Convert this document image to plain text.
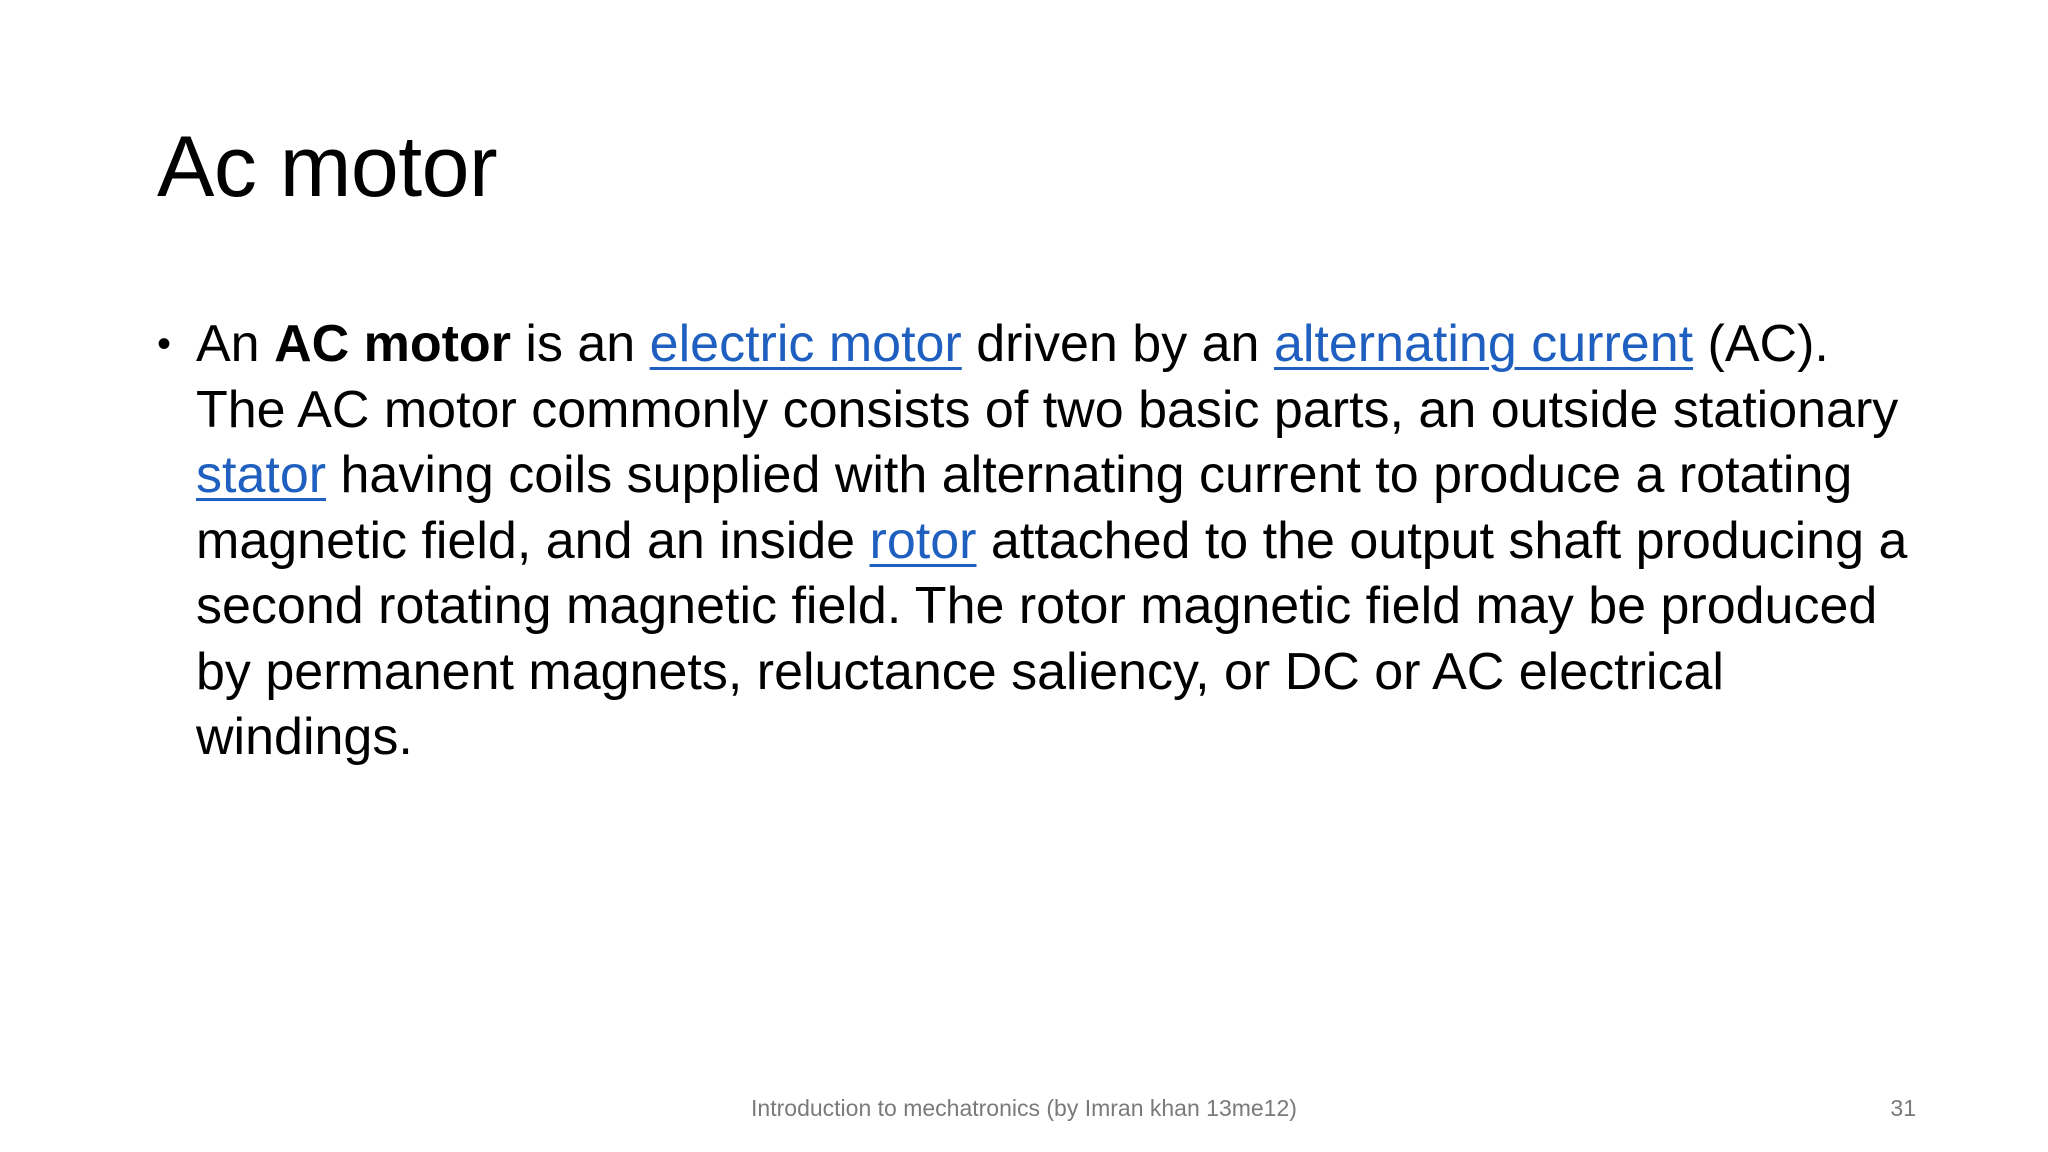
Ac motor
• An AC motor is an electric motor driven by an alternating current (AC). The AC motor commonly consists of two basic parts, an outside stationary stator having coils supplied with alternating current to produce a rotating magnetic field, and an inside rotor attached to the output shaft producing a second rotating magnetic field. The rotor magnetic field may be produced by permanent magnets, reluctance saliency, or DC or AC electrical windings.
Introduction to mechatronics (by Imran khan 13me12)	31
